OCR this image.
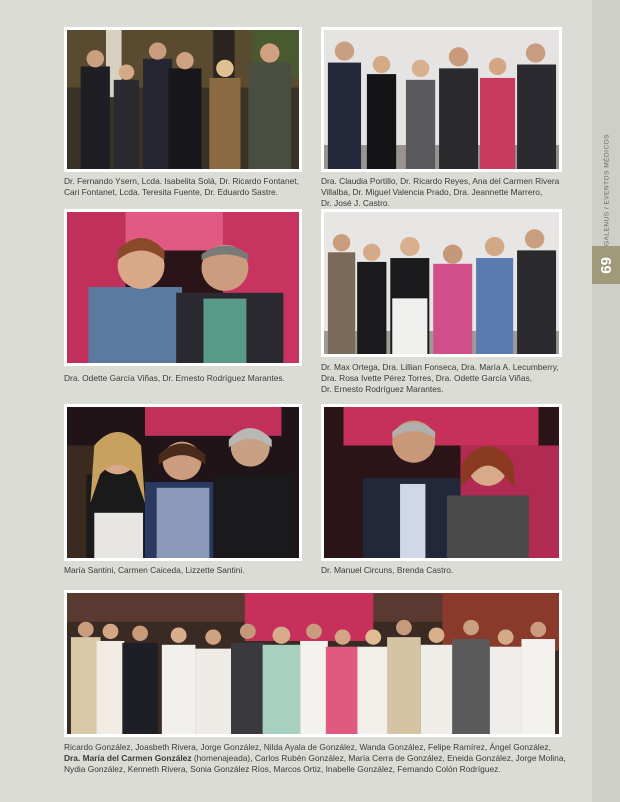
GALENUS / EVENTOS MÉDICOS
69
Dr. Fernando Ysern, Lcda. Isabelita Solá, Dr. Ricardo Fontanet,
Cari Fontanet, Lcda. Teresita Fuente, Dr. Eduardo Sastre.
Dra. Claudia Portillo, Dr. Ricardo Reyes, Ana del Carmen Rivera
Villalba, Dr. Miguel Valencia Prado, Dra. Jeannette Marrero,
Dr. José J. Castro.
Dra. Odette García Viñas, Dr. Ernesto Rodríguez Marantes.
Dr. Max Ortega, Dra. Lillian Fonseca, Dra. María A. Lecumberry,
Dra. Rosa Ivette Pérez Torres, Dra. Odette García Viñas,
Dr. Ernesto Rodríguez Marantes.
María Santini, Carmen Caiceda, Lizzette Santini.	Dr. Manuel Circuns, Brenda Castro.
Ricardo González, Joasbeth Rivera, Jorge González, Nilda Ayala de González, Wanda González, Felipe Ramírez, Ángel González,
Dra. María del Carmen González (homenajeada), Carlos Rubén González, María Cerra de González, Eneida González, Jorge Molina,
Nydia González, Kenneth Rivera, Sonia González Ríos, Marcos Ortiz, Inabelle González, Fernando Colón Rodríguez.
